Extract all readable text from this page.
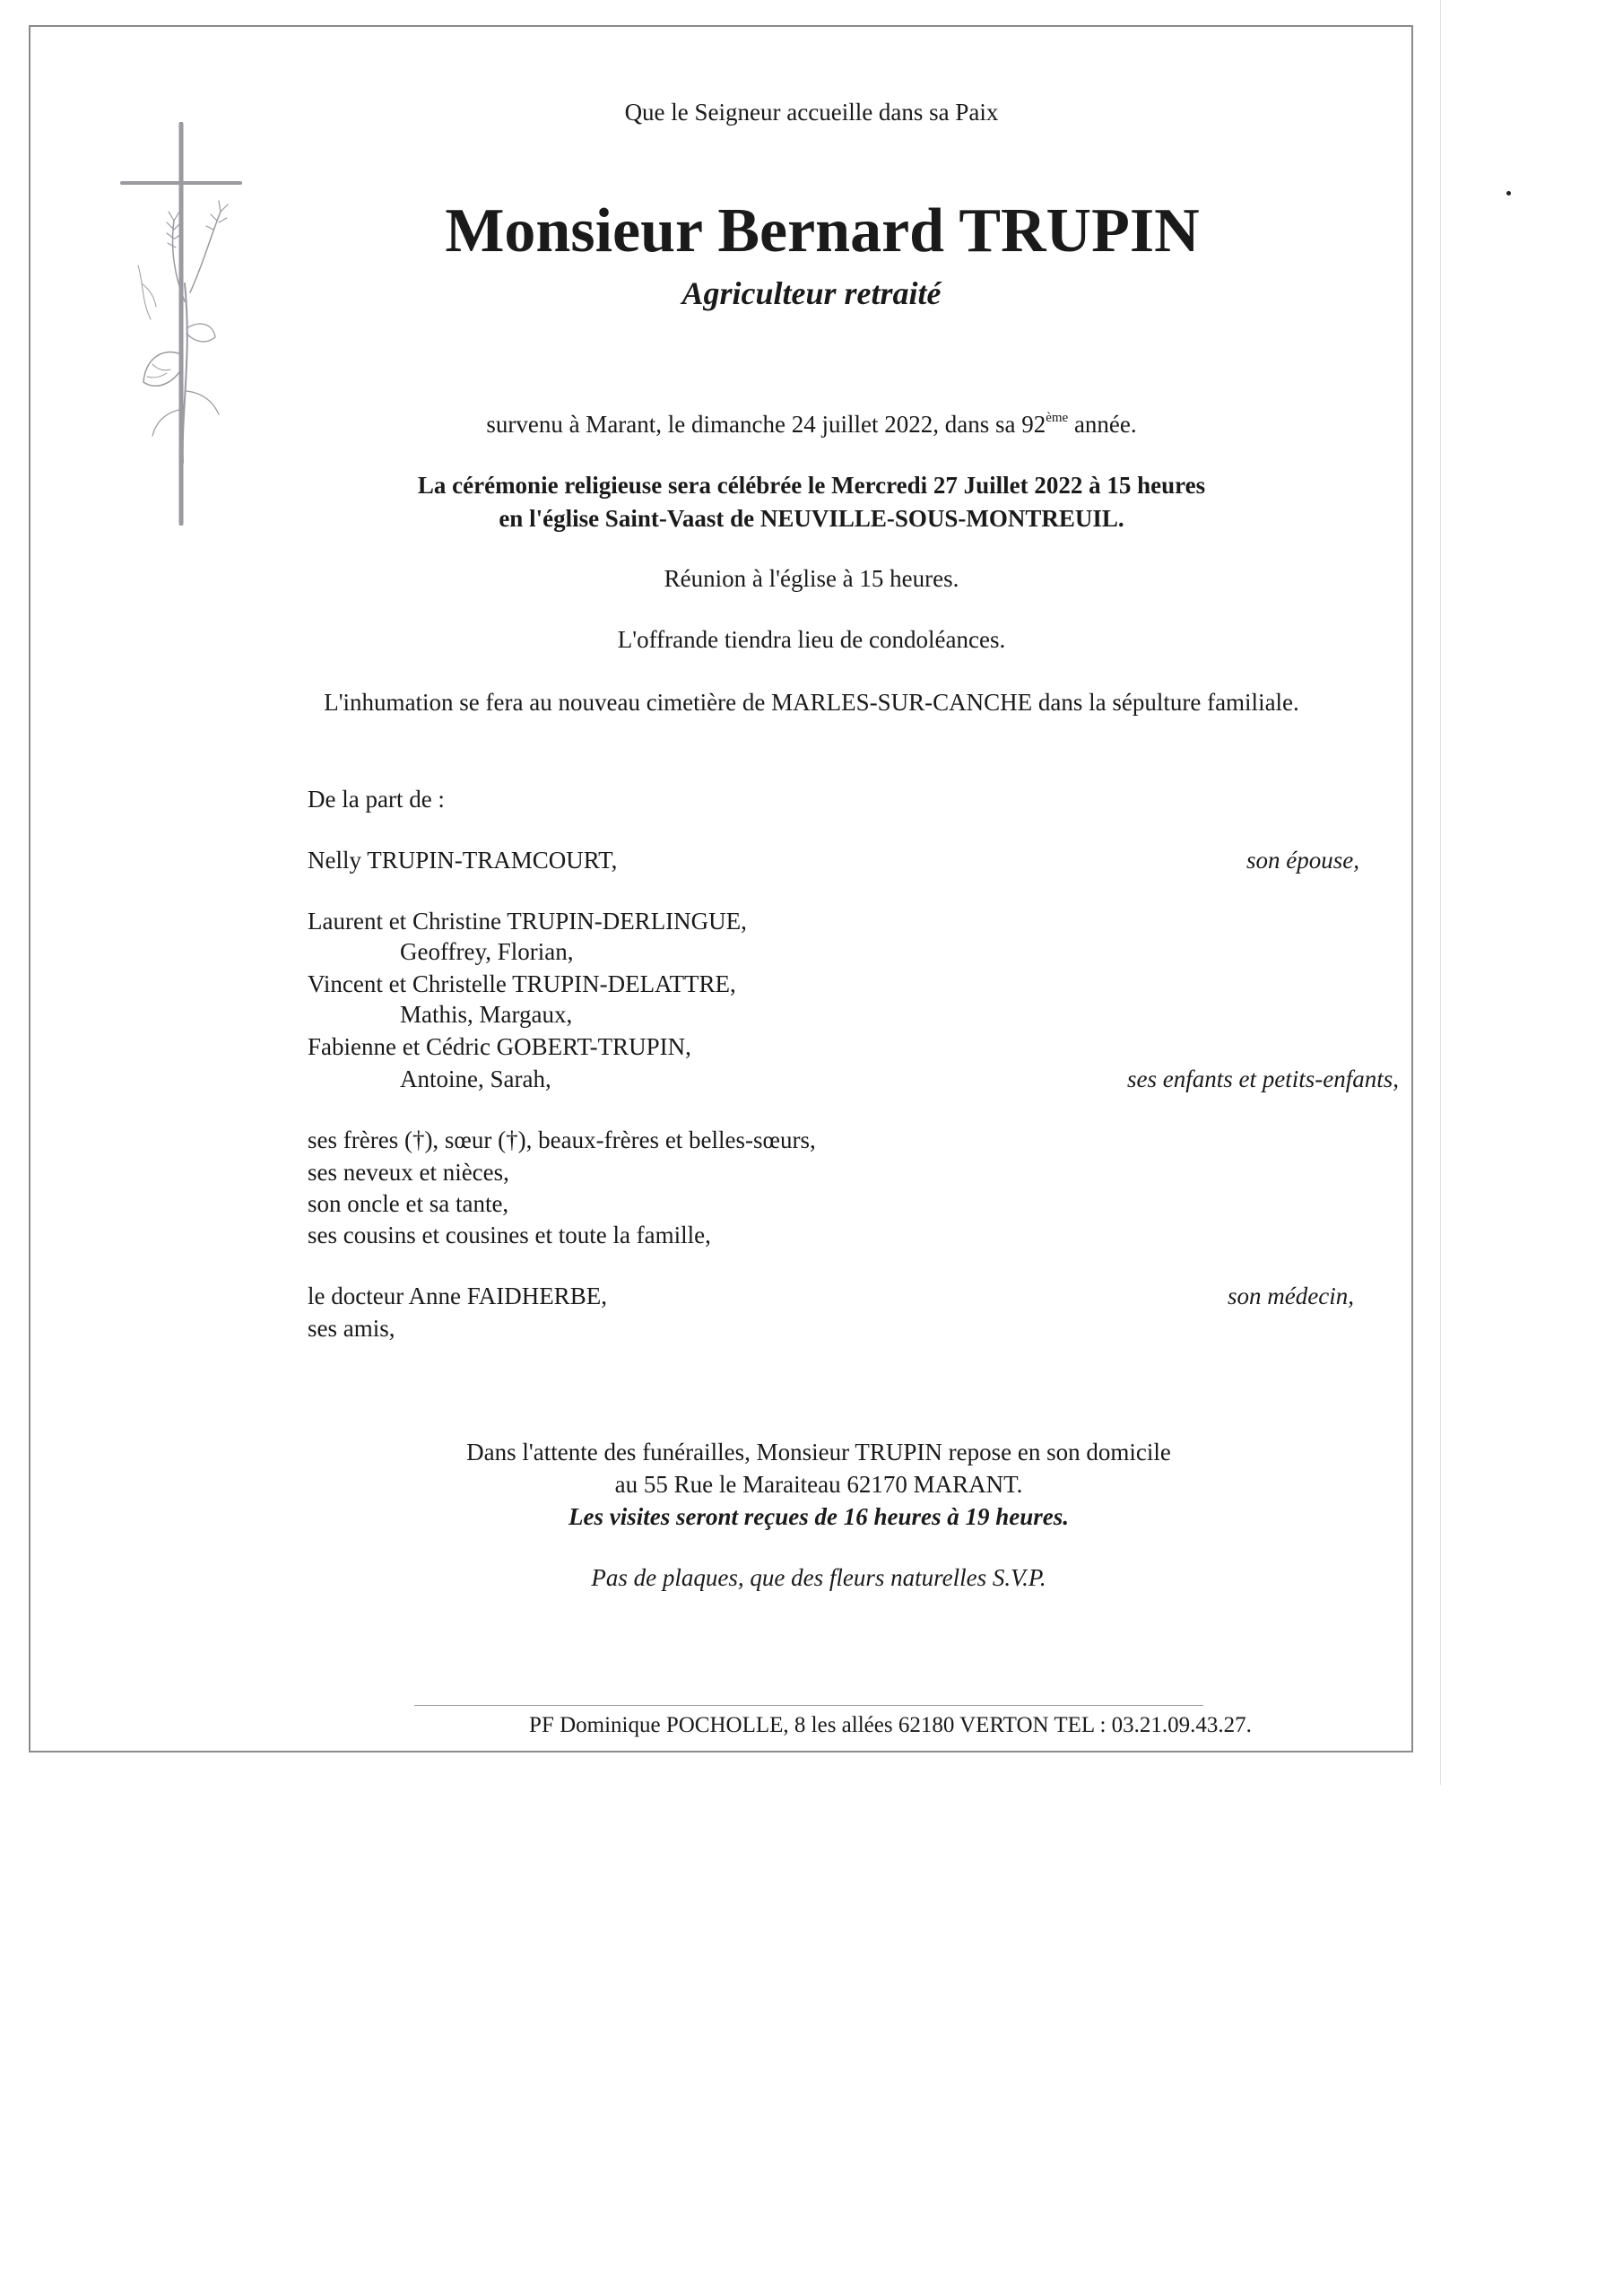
Que le Seigneur accueille dans sa Paix
Monsieur Bernard TRUPIN
Agriculteur retraité
survenu à Marant, le dimanche 24 juillet 2022, dans sa 92ème année.
La cérémonie religieuse sera célébrée le Mercredi 27 Juillet 2022 à 15 heures
en l'église Saint-Vaast de NEUVILLE-SOUS-MONTREUIL.
Réunion à l'église à 15 heures.
L'offrande tiendra lieu de condoléances.
L'inhumation se fera au nouveau cimetière de MARLES-SUR-CANCHE dans la sépulture familiale.
De la part de :
Nelly TRUPIN-TRAMCOURT,	son épouse,
Laurent et Christine TRUPIN-DERLINGUE,
Geoffrey, Florian,
Vincent et Christelle TRUPIN-DELATTRE,
Mathis, Margaux,
Fabienne et Cédric GOBERT-TRUPIN,
Antoine, Sarah,	ses enfants et petits-enfants,
ses frères (†), sœur (†), beaux-frères et belles-sœurs,
ses neveux et nièces,
son oncle et sa tante,
ses cousins et cousines et toute la famille,
le docteur Anne FAIDHERBE,	son médecin,
ses amis,
Dans l'attente des funérailles, Monsieur TRUPIN repose en son domicile
au 55 Rue le Maraiteau 62170 MARANT.
Les visites seront reçues de 16 heures à 19 heures.
Pas de plaques, que des fleurs naturelles S.V.P.
PF Dominique POCHOLLE, 8 les allées 62180 VERTON TEL : 03.21.09.43.27.
